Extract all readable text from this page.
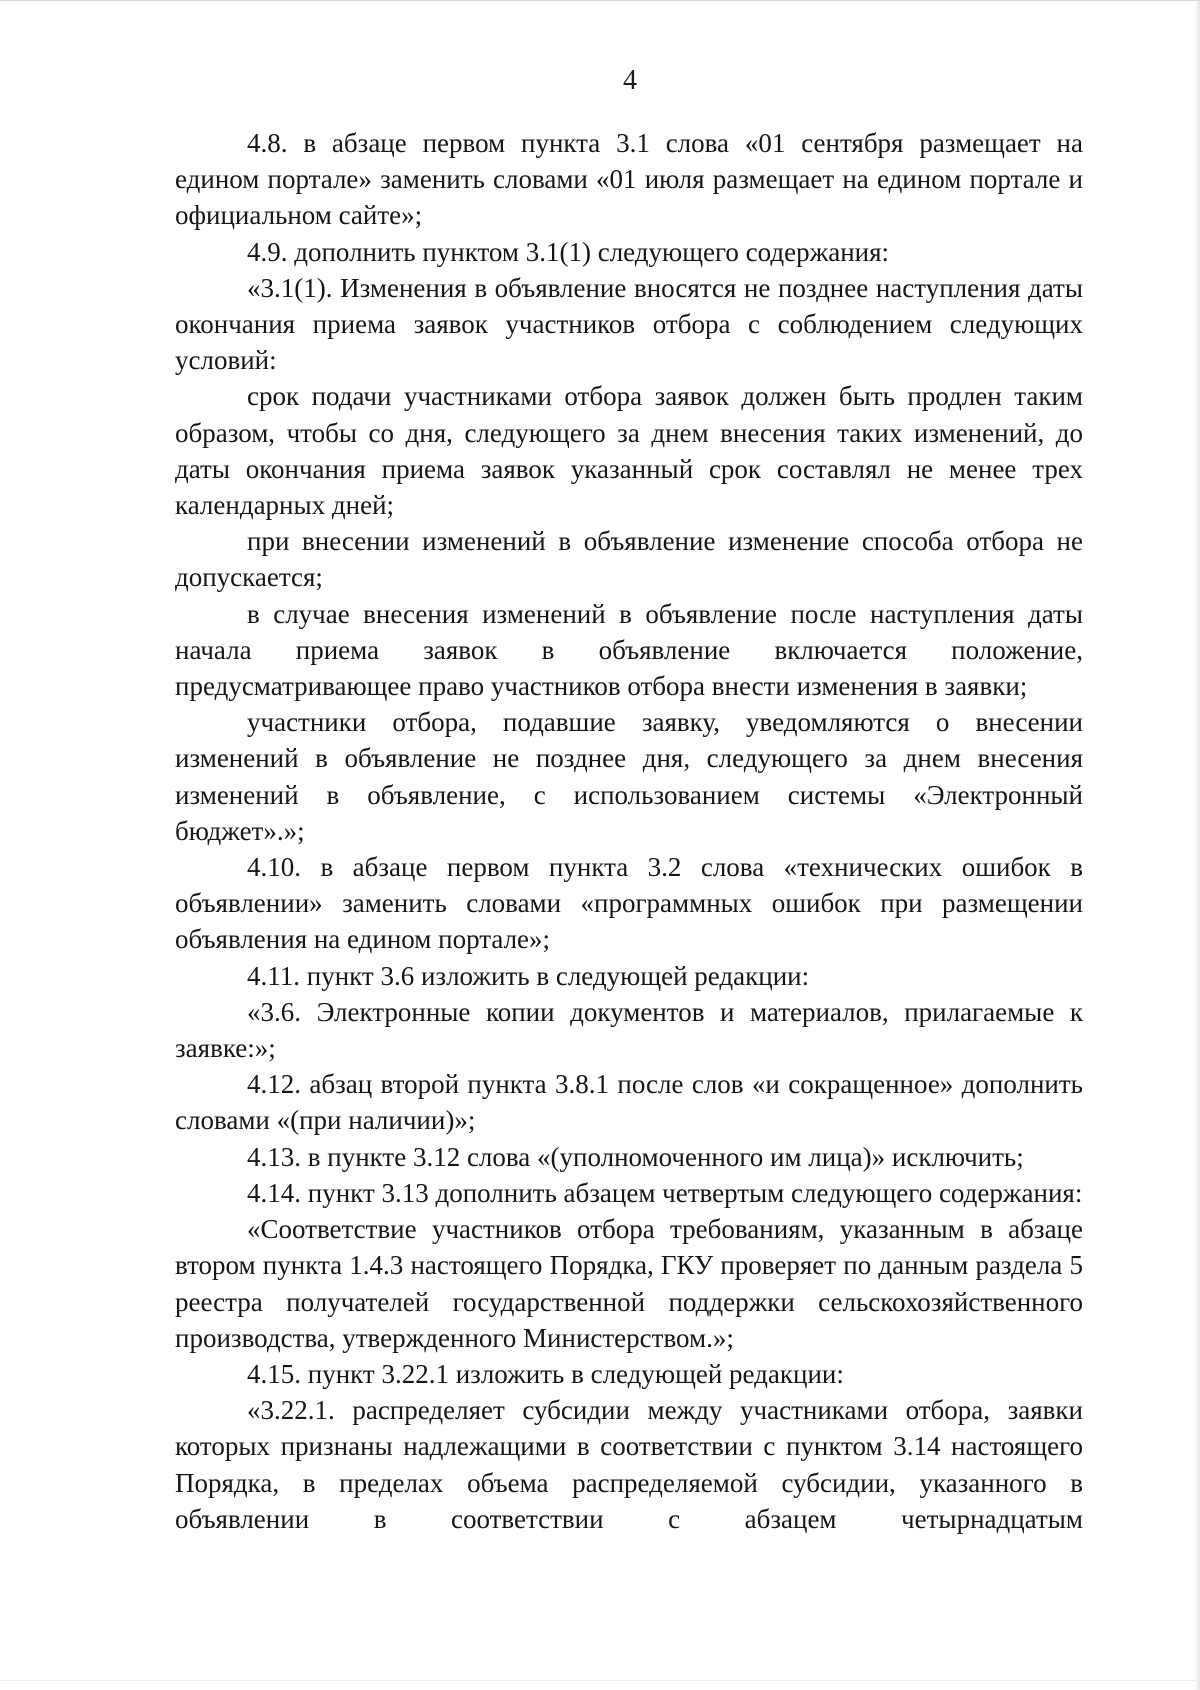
4

4.8. в абзаце первом пункта 3.1 слова «01 сентября размещает на едином портале» заменить словами «01 июля размещает на едином портале и официальном сайте»;

4.9. дополнить пунктом 3.1(1) следующего содержания:

«3.1(1). Изменения в объявление вносятся не позднее наступления даты окончания приема заявок участников отбора с соблюдением следующих условий:

срок подачи участниками отбора заявок должен быть продлен таким образом, чтобы со дня, следующего за днем внесения таких изменений, до даты окончания приема заявок указанный срок составлял не менее трех календарных дней;

при внесении изменений в объявление изменение способа отбора не допускается;

в случае внесения изменений в объявление после наступления даты начала приема заявок в объявление включается положение, предусматривающее право участников отбора внести изменения в заявки;

участники отбора, подавшие заявку, уведомляются о внесении изменений в объявление не позднее дня, следующего за днем внесения изменений в объявление, с использованием системы «Электронный бюджет».»;

4.10. в абзаце первом пункта 3.2 слова «технических ошибок в объявлении» заменить словами «программных ошибок при размещении объявления на едином портале»;

4.11. пункт 3.6 изложить в следующей редакции:

«3.6. Электронные копии документов и материалов, прилагаемые к заявке:»;

4.12. абзац второй пункта 3.8.1 после слов «и сокращенное» дополнить словами «(при наличии)»;

4.13. в пункте 3.12 слова «(уполномоченного им лица)» исключить;

4.14. пункт 3.13 дополнить абзацем четвертым следующего содержания:

«Соответствие участников отбора требованиям, указанным в абзаце втором пункта 1.4.3 настоящего Порядка, ГКУ проверяет по данным раздела 5 реестра получателей государственной поддержки сельскохозяйственного производства, утвержденного Министерством.»;

4.15. пункт 3.22.1 изложить в следующей редакции:

«3.22.1. распределяет субсидии между участниками отбора, заявки которых признаны надлежащими в соответствии с пунктом 3.14 настоящего Порядка, в пределах объема распределяемой субсидии, указанного в объявлении в соответствии с абзацем четырнадцатым
